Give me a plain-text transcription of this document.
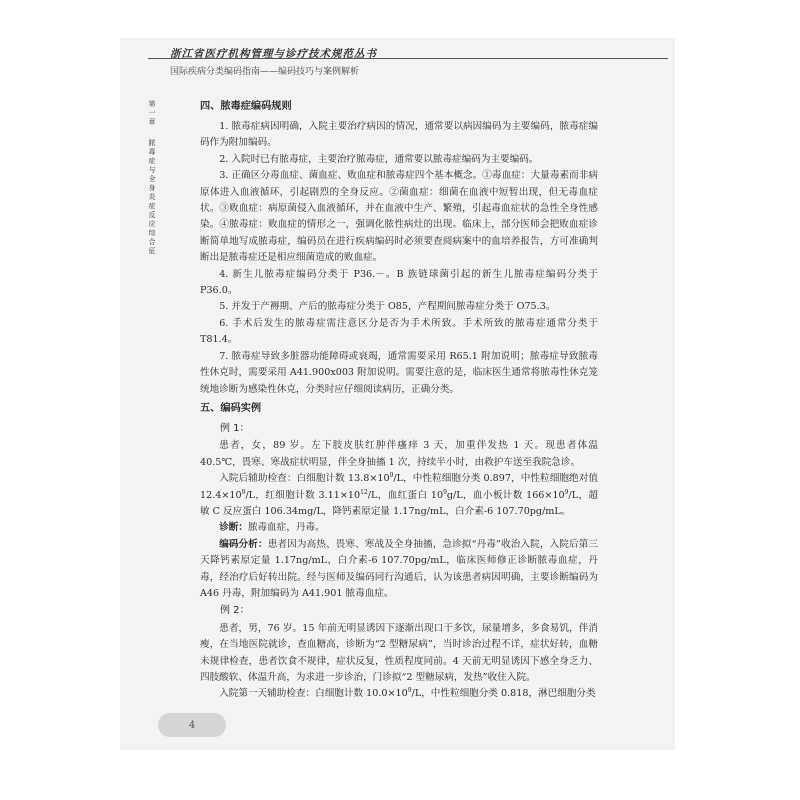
浙江省医疗机构管理与诊疗技术规范丛书
国际疾病分类编码指南——编码技巧与案例解析
第
一
章
脓
毒
症
与
全
身
炎
症
反
应
综
合
征
四、脓毒症编码规则

1. 脓毒症病因明确，入院主要治疗病因的情况，通常要以病因编码为主要编码，脓毒症编码作为附加编码。

2. 入院时已有脓毒症，主要治疗脓毒症，通常要以脓毒症编码为主要编码。

3. 正确区分毒血症、菌血症、败血症和脓毒症四个基本概念。①毒血症：大量毒素而非病原体进入血液循环，引起剧烈的全身反应。②菌血症：细菌在血液中短暂出现，但无毒血症状。③败血症：病原菌侵入血液循环，并在血液中生产、繁殖，引起毒血症状的急性全身性感染。④脓毒症：败血症的情形之一，强调化脓性病灶的出现。临床上，部分医师会把败血症诊断简单地写成脓毒症，编码员在进行疾病编码时必须要查阅病案中的血培养报告，方可准确判断出是脓毒症还是相应细菌造成的败血症。

4. 新生儿脓毒症编码分类于 P36.－。B 族链球菌引起的新生儿脓毒症编码分类于 P36.0。

5. 并发于产褥期、产后的脓毒症分类于 O85，产程期间脓毒症分类于 O75.3。

6. 手术后发生的脓毒症需注意区分是否为手术所致。手术所致的脓毒症通常分类于 T81.4。

7. 脓毒症导致多脏器功能障碍或衰竭，通常需要采用 R65.1 附加说明；脓毒症导致脓毒性休克时，需要采用 A41.900x003 附加说明。需要注意的是，临床医生通常将脓毒性休克笼统地诊断为感染性休克，分类时应仔细阅读病历，正确分类。

五、编码实例

例 1：

患者，女，89 岁。左下肢皮肤红肿伴瘙痒 3 天，加重伴发热 1 天。现患者体温 40.5℃，畏寒、寒战症状明显，伴全身抽搐 1 次，持续半小时，由救护车送至我院急诊。

入院后辅助检查：白细胞计数 $13.8\times 10^9/L$，中性粒细胞分类 0.897，中性粒细胞绝对值 $12.4\times 10^9/L$，红细胞计数 $3.11\times 10^{12}/L$，血红蛋白 $10^9g/L$，血小板计数 $166\times 10^9/L$，超敏 C 反应蛋白 106.34mg/L，降钙素原定量 1.17ng/mL，白介素-6 107.70pg/mL。

诊断：脓毒血症，丹毒。

编码分析：患者因为高热、畏寒、寒战及全身抽搐，急诊拟“丹毒”收治入院，入院后第三天降钙素原定量 1.17ng/mL，白介素-6 107.70pg/mL，临床医师修正诊断脓毒血症，丹毒，经治疗后好转出院。经与医师及编码同行沟通后，认为该患者病因明确，主要诊断编码为 A46 丹毒，附加编码为 A41.901 脓毒血症。

例 2：

患者，男，76 岁。15 年前无明显诱因下逐渐出现口干多饮，尿量增多，多食易饥，伴消瘦，在当地医院就诊，查血糖高，诊断为“2 型糖尿病”，当时诊治过程不详，症状好转，血糖未规律检查，患者饮食不规律，症状反复，性质程度同前。4 天前无明显诱因下感全身乏力、四肢酸软、体温升高，为求进一步诊治，门诊拟“2 型糖尿病，发热”收住入院。

入院第一天辅助检查：白细胞计数 $10.0\times 10^9/L$，中性粒细胞分类 0.818，淋巴细胞分类

4
